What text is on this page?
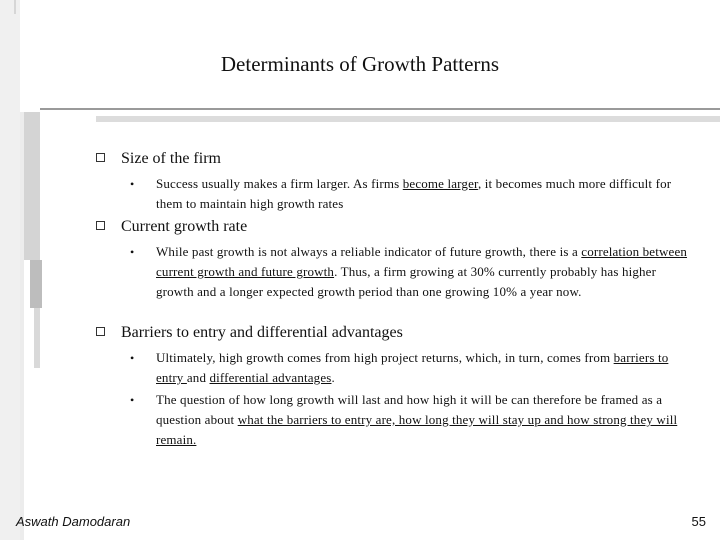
Determinants of Growth Patterns
Size of the firm
• Success usually makes a firm larger. As firms become larger, it becomes much more difficult for them to maintain high growth rates
Current growth rate
• While past growth is not always a reliable indicator of future growth, there is a correlation between current growth and future growth. Thus, a firm growing at 30% currently probably has higher growth and a longer expected growth period than one growing 10% a year now.
Barriers to entry and differential advantages
• Ultimately, high growth comes from high project returns, which, in turn, comes from barriers to entry and differential advantages.
• The question of how long growth will last and how high it will be can therefore be framed as a question about what the barriers to entry are, how long they will stay up and how strong they will remain.
Aswath Damodaran	55
